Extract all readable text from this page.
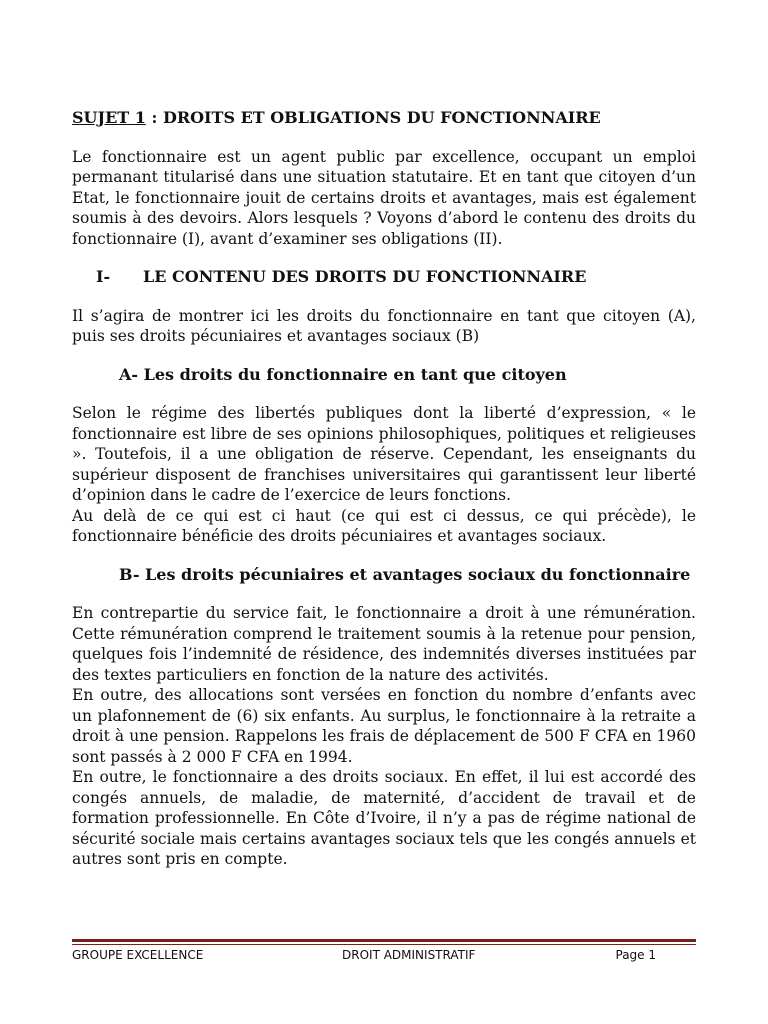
SUJET 1 : DROITS ET OBLIGATIONS DU FONCTIONNAIRE

Le fonctionnaire est un agent public par excellence, occupant un emploi permanant titularisé dans une situation statutaire. Et en tant que citoyen d’un Etat, le fonctionnaire jouit de certains droits et avantages, mais est également soumis à des devoirs. Alors lesquels ? Voyons d’abord le contenu des droits du fonctionnaire (I), avant d’examiner ses obligations (II).

I-	LE CONTENU DES DROITS DU FONCTIONNAIRE

Il s’agira de montrer ici les droits du fonctionnaire en tant que citoyen (A), puis ses droits pécuniaires et avantages sociaux (B)

A- Les droits du fonctionnaire en tant que citoyen

Selon le régime des libertés publiques dont la liberté d’expression, « le fonctionnaire est libre de ses opinions philosophiques, politiques et religieuses ». Toutefois, il a une obligation de réserve. Cependant, les enseignants du supérieur disposent de franchises universitaires qui garantissent leur liberté d’opinion dans le cadre de l’exercice de leurs fonctions.

Au delà de ce qui est ci haut (ce qui est ci dessus, ce qui précède), le fonctionnaire bénéficie des droits pécuniaires et avantages sociaux.

B- Les droits pécuniaires et avantages sociaux du fonctionnaire

En contrepartie du service fait, le fonctionnaire a droit à une rémunération. Cette rémunération comprend le traitement soumis à la retenue pour pension, quelques fois l’indemnité de résidence, des indemnités diverses instituées par des textes particuliers en fonction de la nature des activités.

En outre, des allocations sont versées en fonction du nombre d’enfants avec un plafonnement de (6) six enfants. Au surplus, le fonctionnaire à la retraite a droit à une pension. Rappelons les frais de déplacement de 500 F CFA en 1960 sont passés à 2 000 F CFA en 1994.

En outre, le fonctionnaire a des droits sociaux. En effet, il lui est accordé des congés annuels, de maladie, de maternité, d’accident de travail et de formation professionnelle. En Côte d’Ivoire, il n’y a pas de régime national de sécurité sociale mais certains avantages sociaux tels que les congés annuels et autres sont pris en compte.

GROUPE EXCELLENCE	DROIT ADMINISTRATIF	Page 1
